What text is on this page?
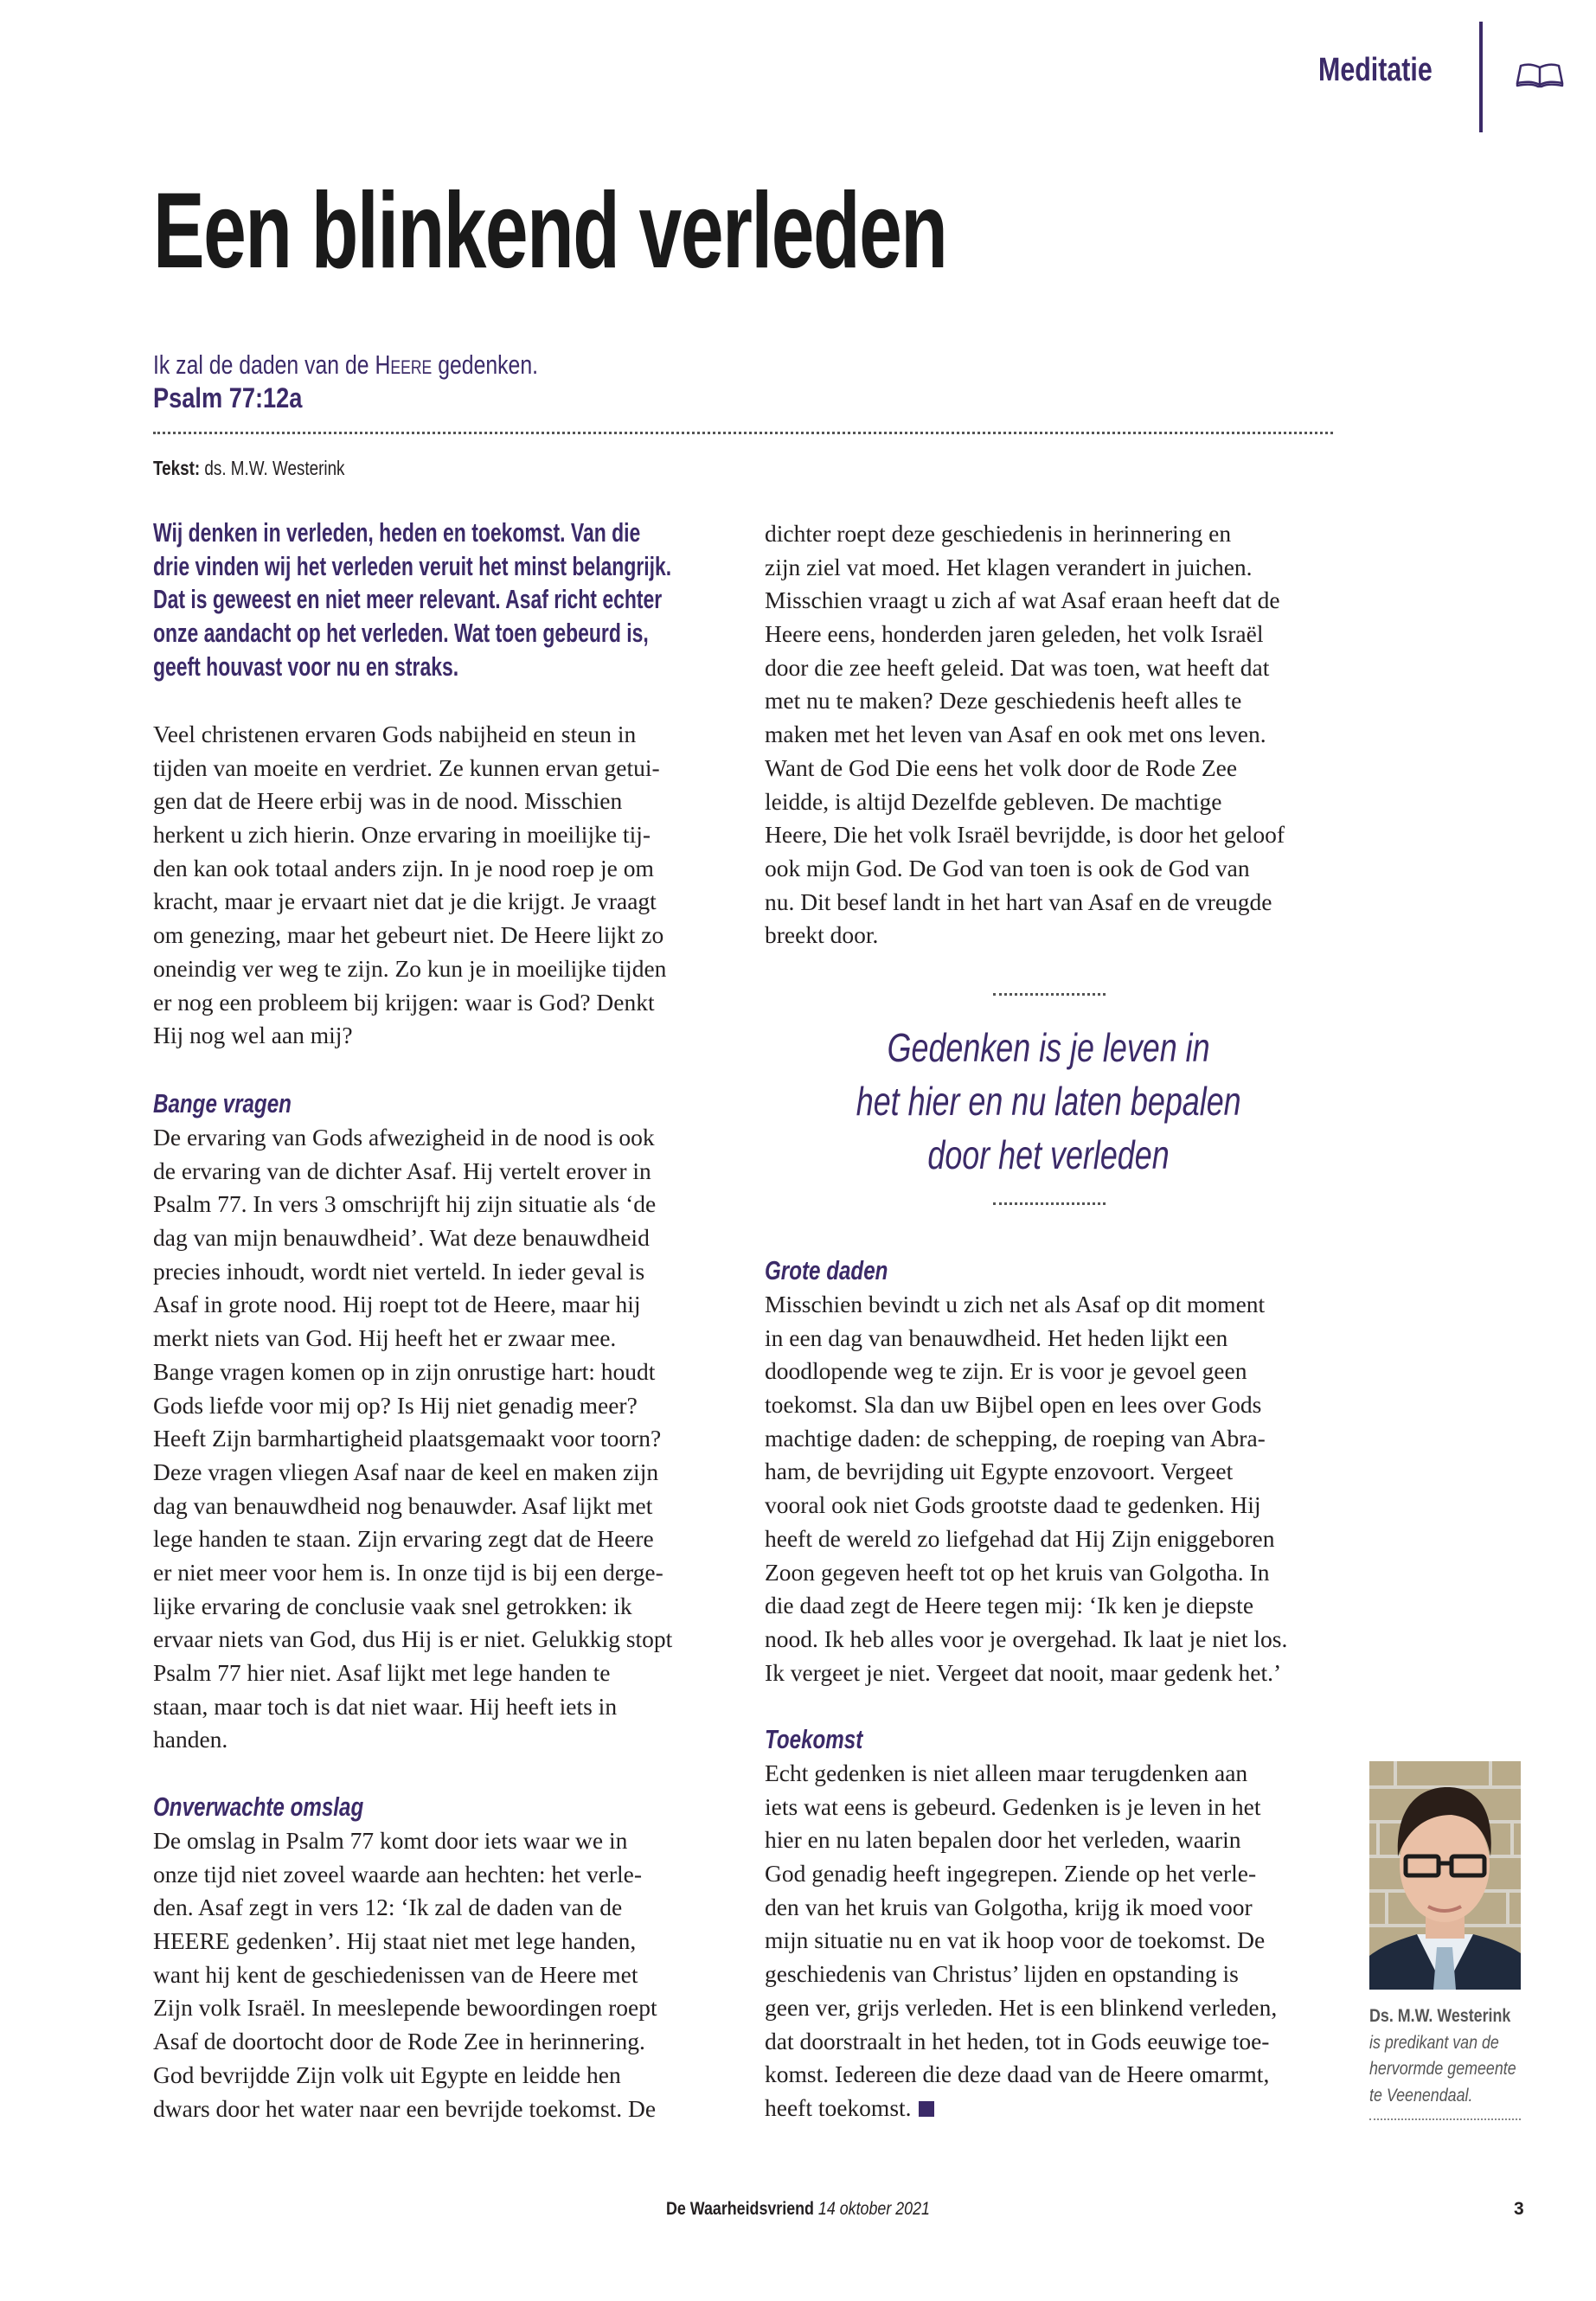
Meditatie
Een blinkend verleden
Ik zal de daden van de Heere gedenken.
Psalm 77:12a
Tekst: ds. M.W. Westerink
Wij denken in verleden, heden en toekomst. Van die
drie vinden wij het verleden veruit het minst belangrijk.
Dat is geweest en niet meer relevant. Asaf richt echter
onze aandacht op het verleden. Wat toen gebeurd is,
geeft houvast voor nu en straks.
Veel christenen ervaren Gods nabijheid en steun in
tijden van moeite en verdriet. Ze kunnen ervan getui-
gen dat de Heere erbij was in de nood. Misschien
herkent u zich hierin. Onze ervaring in moeilijke tij-
den kan ook totaal anders zijn. In je nood roep je om
kracht, maar je ervaart niet dat je die krijgt. Je vraagt
om genezing, maar het gebeurt niet. De Heere lijkt zo
oneindig ver weg te zijn. Zo kun je in moeilijke tijden
er nog een probleem bij krijgen: waar is God? Denkt
Hij nog wel aan mij?
Bange vragen
De ervaring van Gods afwezigheid in de nood is ook
de ervaring van de dichter Asaf. Hij vertelt erover in
Psalm 77. In vers 3 omschrijft hij zijn situatie als ‘de
dag van mijn benauwdheid’. Wat deze benauwdheid
precies inhoudt, wordt niet verteld. In ieder geval is
Asaf in grote nood. Hij roept tot de Heere, maar hij
merkt niets van God. Hij heeft het er zwaar mee.
Bange vragen komen op in zijn onrustige hart: houdt
Gods liefde voor mij op? Is Hij niet genadig meer?
Heeft Zijn barmhartigheid plaatsgemaakt voor toorn?
Deze vragen vliegen Asaf naar de keel en maken zijn
dag van benauwdheid nog benauwder. Asaf lijkt met
lege handen te staan. Zijn ervaring zegt dat de Heere
er niet meer voor hem is. In onze tijd is bij een derge-
lijke ervaring de conclusie vaak snel getrokken: ik
ervaar niets van God, dus Hij is er niet. Gelukkig stopt
Psalm 77 hier niet. Asaf lijkt met lege handen te
staan, maar toch is dat niet waar. Hij heeft iets in
handen.
Onverwachte omslag
De omslag in Psalm 77 komt door iets waar we in
onze tijd niet zoveel waarde aan hechten: het verle-
den. Asaf zegt in vers 12: ‘Ik zal de daden van de
HEERE gedenken’. Hij staat niet met lege handen,
want hij kent de geschiedenissen van de Heere met
Zijn volk Israël. In meeslepende bewoordingen roept
Asaf de doortocht door de Rode Zee in herinnering.
God bevrijdde Zijn volk uit Egypte en leidde hen
dwars door het water naar een bevrijde toekomst. De
dichter roept deze geschiedenis in herinnering en
zijn ziel vat moed. Het klagen verandert in juichen.
Misschien vraagt u zich af wat Asaf eraan heeft dat de
Heere eens, honderden jaren geleden, het volk Israël
door die zee heeft geleid. Dat was toen, wat heeft dat
met nu te maken? Deze geschiedenis heeft alles te
maken met het leven van Asaf en ook met ons leven.
Want de God Die eens het volk door de Rode Zee
leidde, is altijd Dezelfde gebleven. De machtige
Heere, Die het volk Israël bevrijdde, is door het geloof
ook mijn God. De God van toen is ook de God van
nu. Dit besef landt in het hart van Asaf en de vreugde
breekt door.
Gedenken is je leven in
het hier en nu laten bepalen
door het verleden
Grote daden
Misschien bevindt u zich net als Asaf op dit moment
in een dag van benauwdheid. Het heden lijkt een
doodlopende weg te zijn. Er is voor je gevoel geen
toekomst. Sla dan uw Bijbel open en lees over Gods
machtige daden: de schepping, de roeping van Abra-
ham, de bevrijding uit Egypte enzovoort. Vergeet
vooral ook niet Gods grootste daad te gedenken. Hij
heeft de wereld zo liefgehad dat Hij Zijn eniggeboren
Zoon gegeven heeft tot op het kruis van Golgotha. In
die daad zegt de Heere tegen mij: ‘Ik ken je diepste
nood. Ik heb alles voor je overgehad. Ik laat je niet los.
Ik vergeet je niet. Vergeet dat nooit, maar gedenk het.’
Toekomst
Echt gedenken is niet alleen maar terugdenken aan
iets wat eens is gebeurd. Gedenken is je leven in het
hier en nu laten bepalen door het verleden, waarin
God genadig heeft ingegrepen. Ziende op het verle-
den van het kruis van Golgotha, krijg ik moed voor
mijn situatie nu en vat ik hoop voor de toekomst. De
geschiedenis van Christus’ lijden en opstanding is
geen ver, grijs verleden. Het is een blinkend verleden,
dat doorstraalt in het heden, tot in Gods eeuwige toe-
komst. Iedereen die deze daad van de Heere omarmt,
heeft toekomst.
Ds. M.W. Westerink
is predikant van de
hervormde gemeente
te Veenendaal.
De Waarheidsvriend 14 oktober 2021	3
